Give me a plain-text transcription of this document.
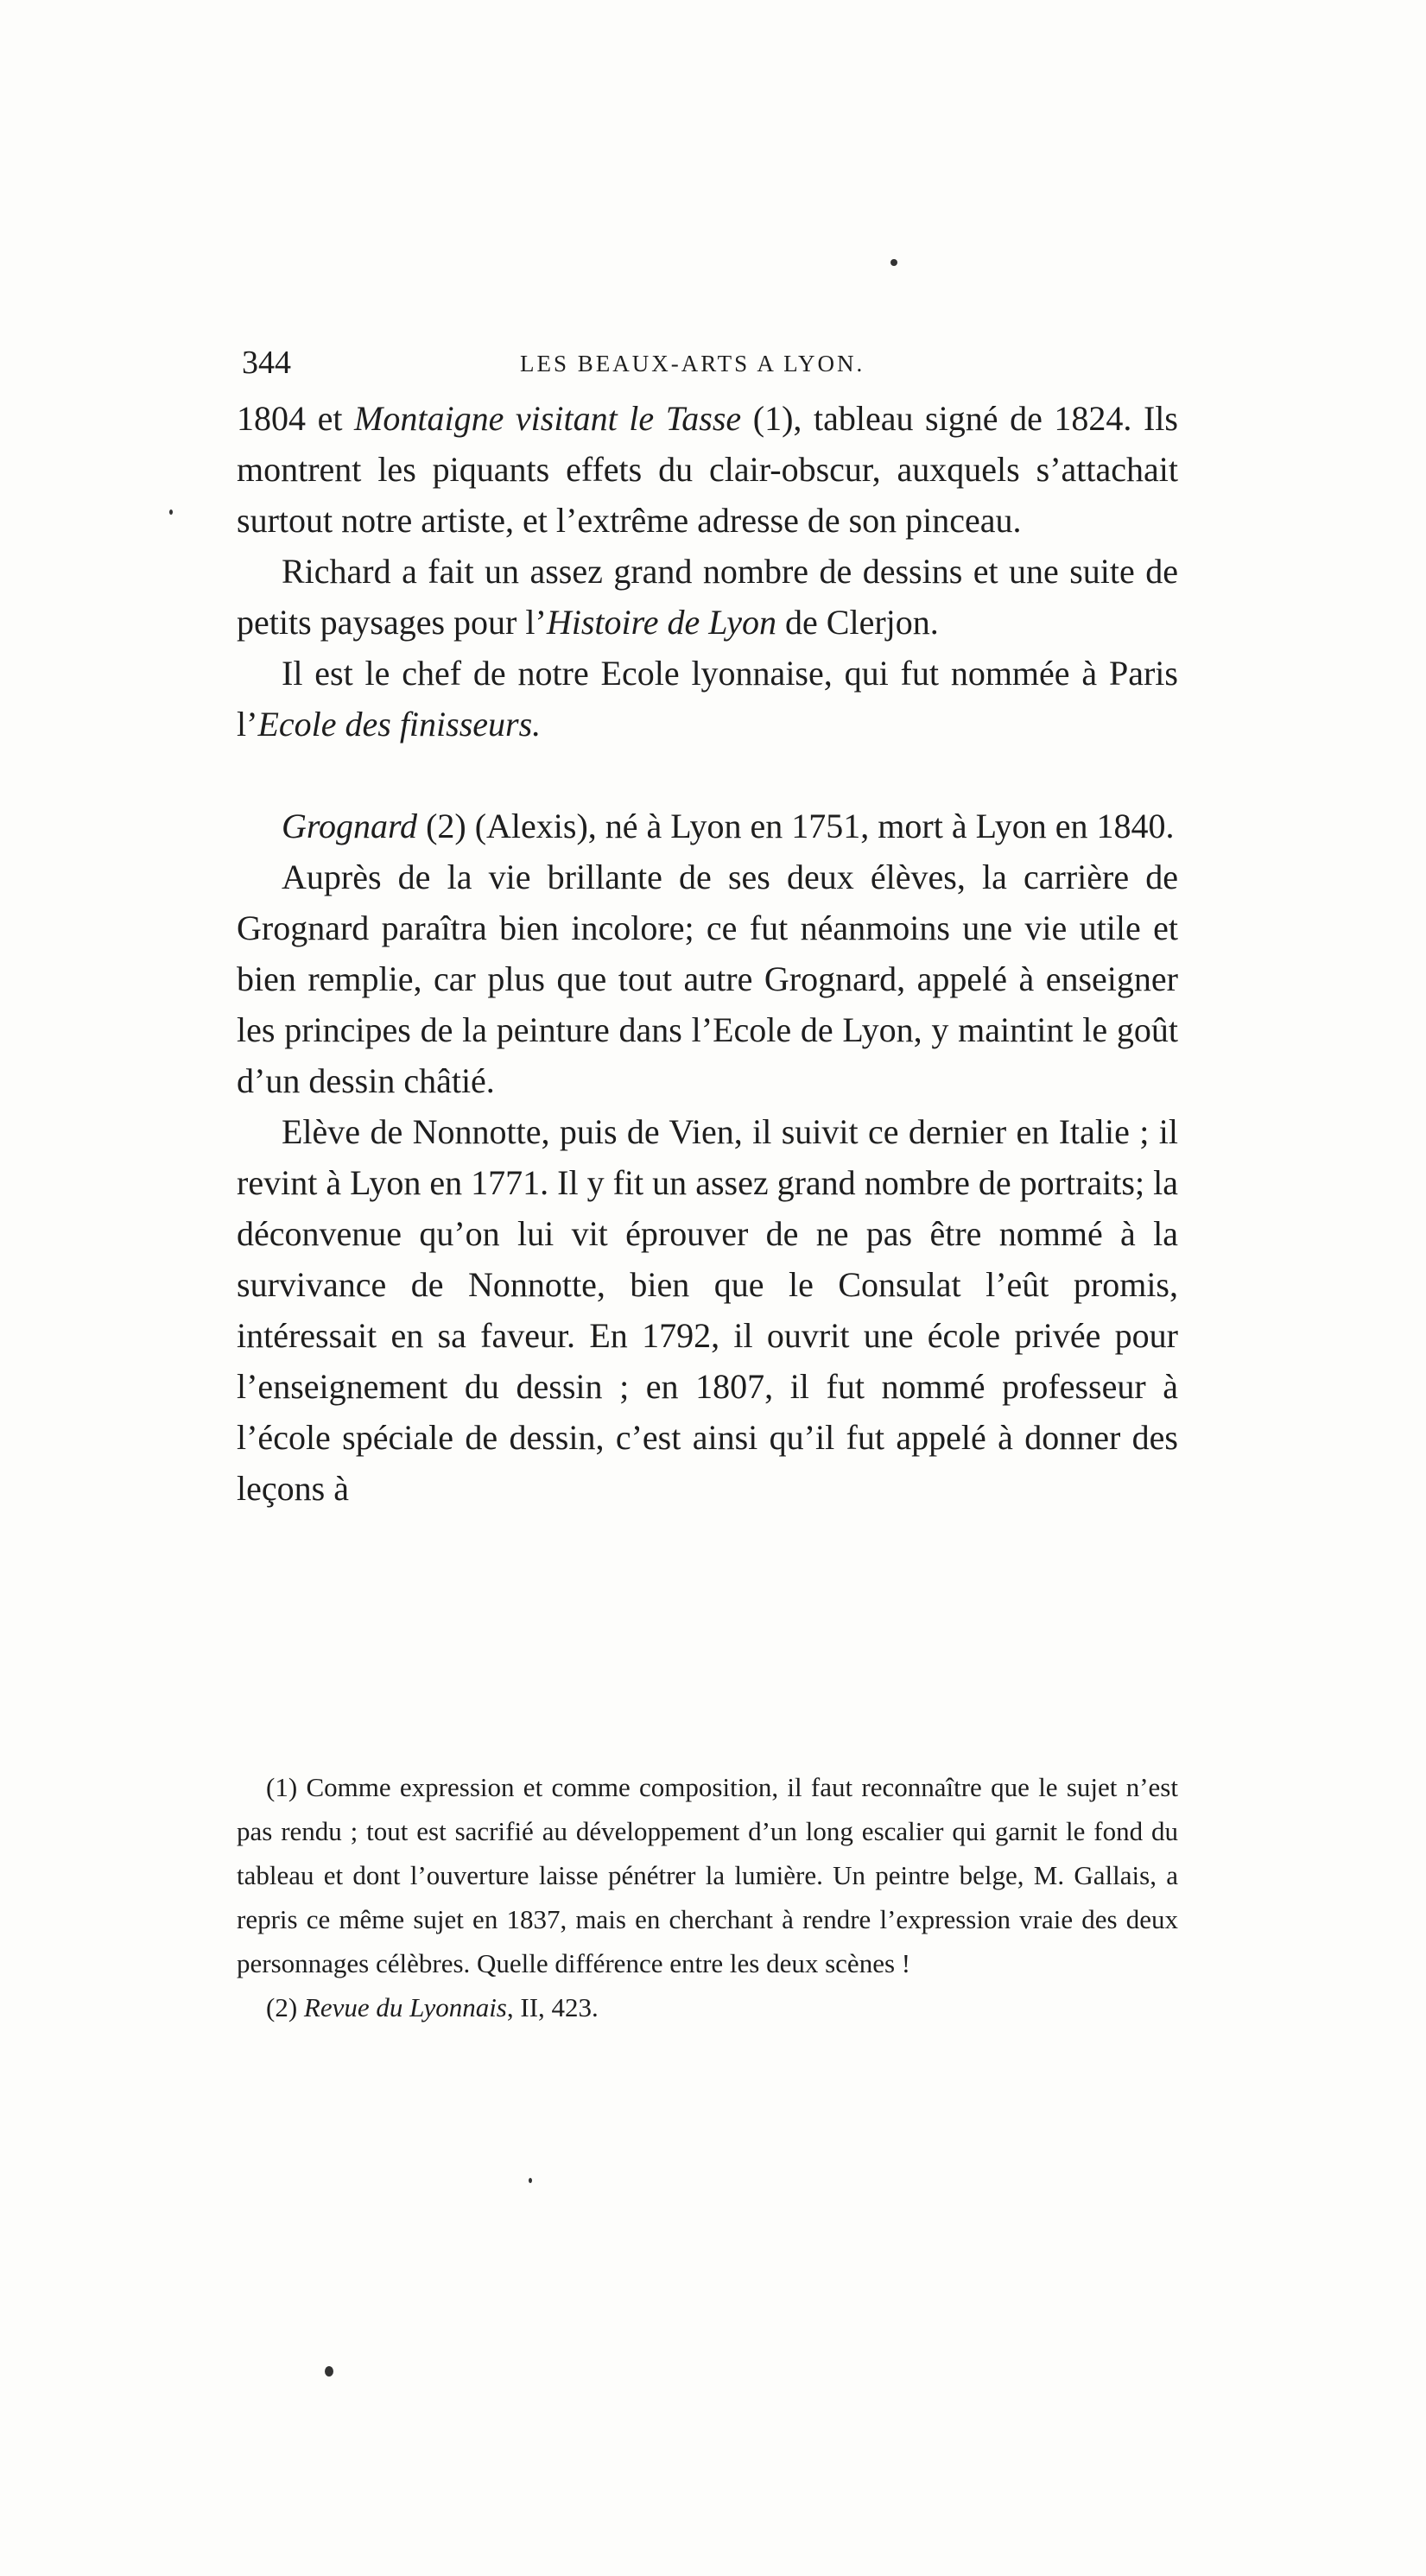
344	LES BEAUX-ARTS A LYON.

1804 et Montaigne visitant le Tasse (1), tableau signé de 1824. Ils montrent les piquants effets du clair-obscur, auxquels s’attachait surtout notre artiste, et l’extrême adresse de son pinceau.

Richard a fait un assez grand nombre de dessins et une suite de petits paysages pour l’Histoire de Lyon de Clerjon.

Il est le chef de notre Ecole lyonnaise, qui fut nommée à Paris l’Ecole des finisseurs.

Grognard (2) (Alexis), né à Lyon en 1751, mort à Lyon en 1840.

Auprès de la vie brillante de ses deux élèves, la carrière de Grognard paraîtra bien incolore; ce fut néanmoins une vie utile et bien remplie, car plus que tout autre Grognard, appelé à enseigner les principes de la peinture dans l’Ecole de Lyon, y maintint le goût d’un dessin châtié.

Elève de Nonnotte, puis de Vien, il suivit ce dernier en Italie ; il revint à Lyon en 1771. Il y fit un assez grand nombre de portraits; la déconvenue qu’on lui vit éprouver de ne pas être nommé à la survivance de Nonnotte, bien que le Consulat l’eût promis, intéressait en sa faveur. En 1792, il ouvrit une école privée pour l’enseignement du dessin ; en 1807, il fut nommé professeur à l’école spéciale de dessin, c’est ainsi qu’il fut appelé à donner des leçons à

(1) Comme expression et comme composition, il faut reconnaître que le sujet n’est pas rendu ; tout est sacrifié au développement d’un long escalier qui garnit le fond du tableau et dont l’ouverture laisse pénétrer la lumière. Un peintre belge, M. Gallais, a repris ce même sujet en 1837, mais en cherchant à rendre l’expression vraie des deux personnages célèbres. Quelle différence entre les deux scènes !

(2) Revue du Lyonnais, II, 423.
